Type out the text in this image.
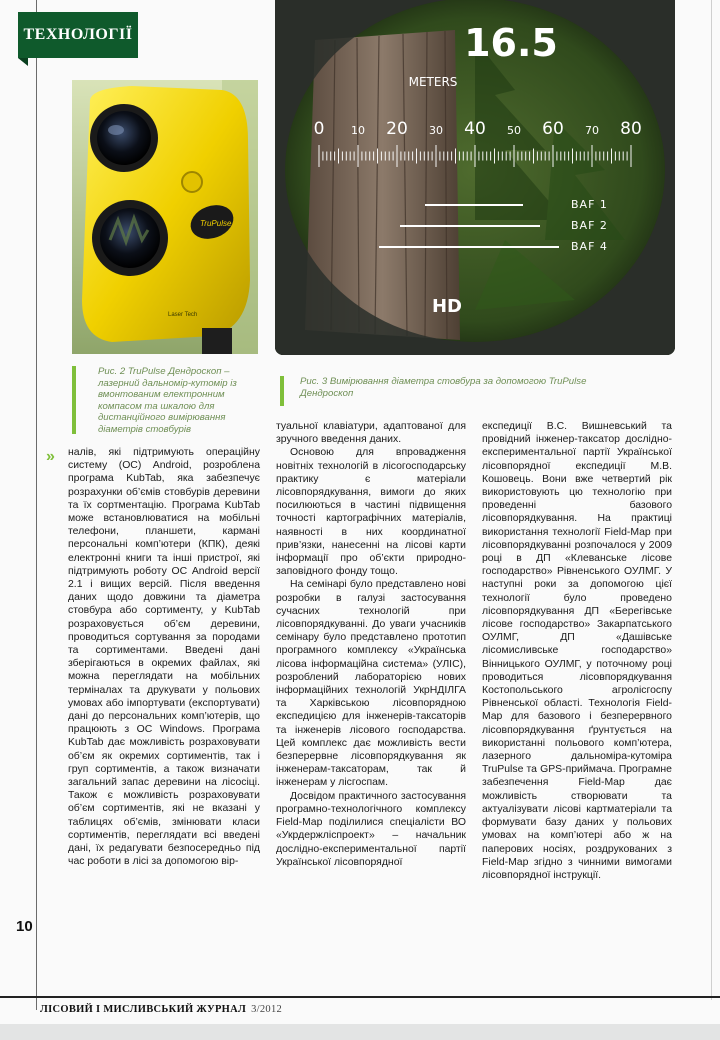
ТЕХНОЛОГІЇ
TruPulse
Laser Tech
Рис. 2 TruPulse Дендроскоп – лазерний дальномір-кутомір із вмонтованим електронним компасом та шкалою для дистанційного вимірювання діаметрів стовбурів
16.5
METERS
0 10 20 30 40 50 60 70 80
BAF 1
BAF 2
BAF 4
HD
Рис. 3 Вимірювання діаметра стовбура за допомогою TruPulse Дендроскоп
» налів, які підтримують операційну систему (ОС) Android, розроблена програма KubTab, яка забезпечує розрахунки об’ємів стовбурів деревини та їх сортментацію. Програма KubTab може встановлюватися на мобільні телефони, планшети, кармані персональні комп’ютери (КПК), деякі електронні книги та інші пристрої, які підтримують роботу ОС Android версії 2.1 і вищих версій. Після введення даних щодо довжини та діаметра стовбура або сортименту, у KubTab розраховується об’єм деревини, проводиться сортування за породами та сортиментами. Введені дані зберігаються в окремих файлах, які можна переглядати на мобільних терміналах та друкувати у польових умовах або імпортувати (експортувати) дані до персональних комп’ютерів, що працюють з ОС Windows. Програма KubTab дає можливість розраховувати об’єм як окремих сортиментів, так і груп сортиментів, а також визначати загальний запас деревини на лісосіці. Також є можливість розраховувати об’єм сортиментів, які не вказані у таблицях об’ємів, змінювати класи сортиментів, переглядати всі введені дані, їх редагувати безпосередньо під час роботи в лісі за допомогою вір-

туальної клавіатури, адаптованої для зручного введення даних.

Основою для впровадження новітніх технологій в лісогосподарську практику є матеріали лісовпорядкування, вимоги до яких посилюються в частині підвищення точності картографічних матеріалів, наявності в них координатної прив’язки, нанесенні на лісові карти інформації про об’єкти природно-заповідного фонду тощо.

На семінарі було представлено нові розробки в галузі застосування сучасних технологій при лісовпорядкуванні. До уваги учасників семінару було представлено прототип програмного комплексу «Українська лісова інформаційна система» (УЛІС), розроблений лабораторією нових інформаційних технологій УкрНДІЛГА та Харківською лісовпорядною експедицією для інженерів-таксаторів та інженерів лісового господарства. Цей комплекс дає можливість вести безперервне лісовпорядкування як інженерам-таксаторам, так й інженерам у лісгоспам.

Досвідом практичного застосування програмно-технологічного комплексу Field-Map поділилися спеціалісти ВО «Укрдержліспроект» – начальник дослідно-експериментальної партії Української лісовпорядної

експедиції В.С. Вишневський та провідний інженер-таксатор дослідно-експериментальної партії Української лісовпорядної експедиції М.В. Кошовець. Вони вже четвертий рік використовують цю технологію при проведенні базового лісовпорядкування. На практиці використання технології Field-Map при лісовпорядкуванні розпочалося у 2009 році в ДП «Клеванське лісове господарство» Рівненського ОУЛМГ. У наступні роки за допомогою цієї технології було проведено лісовпорядкування ДП «Берегівське лісове господарство» Закарпатського ОУЛМГ, ДП «Дашівське лісомисливське господарство» Вінницького ОУЛМГ, у поточному році проводиться лісовпорядкування Костопольського агролісгоспу Рівненської області. Технологія Field-Map для базового і безперервного лісовпорядкування ґрунтується на використанні польового комп’ютера, лазерного дальноміра-кутоміра TruPulse та GPS-приймача. Програмне забезпечення Field-Map дає можливість створювати та актуалізувати лісові картматеріали та формувати базу даних у польових умовах на комп’ютері або ж на паперових носіях, роздрукованих з Field-Map згідно з чинними вимогами лісовпорядної інструкції.

10
ЛІСОВИЙ І МИСЛИВСЬКИЙ ЖУРНАЛ 3/2012
